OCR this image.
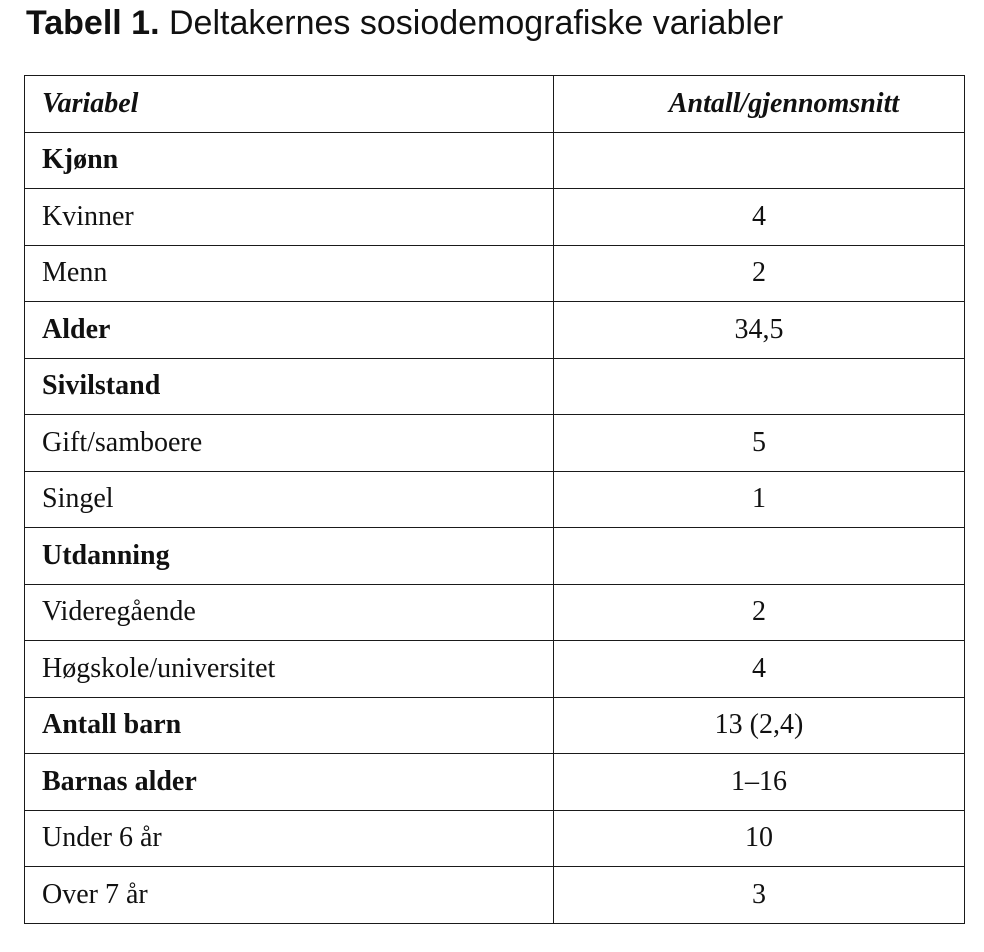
Tabell 1. Deltakernes sosiodemografiske variabler
Variabel	Antall/gjennomsnitt
Kjønn	
Kvinner	4
Menn	2
Alder	34,5
Sivilstand	
Gift/samboere	5
Singel	1
Utdanning	
Videregående	2
Høgskole/universitet	4
Antall barn	13 (2,4)
Barnas alder	1–16
Under 6 år	10
Over 7 år	3
